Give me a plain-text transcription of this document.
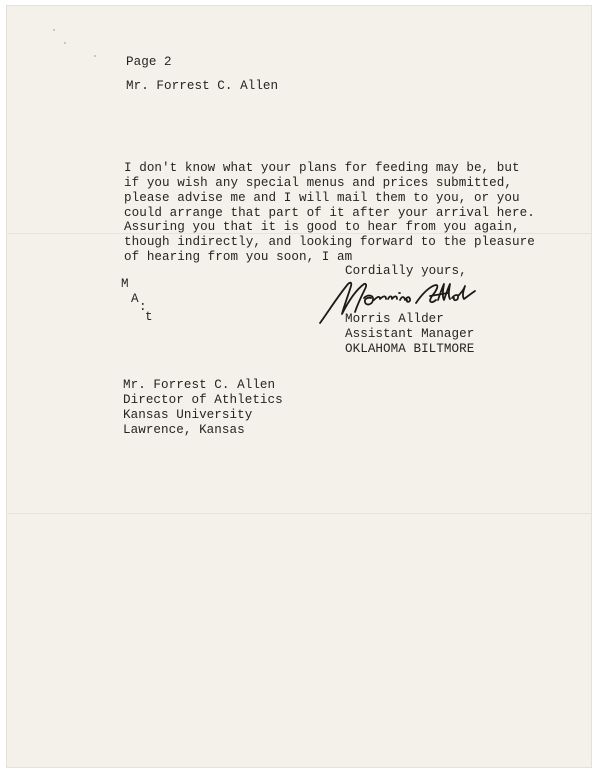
Page 2
Mr. Forrest C. Allen
I don't know what your plans for feeding may be, but
if you wish any special menus and prices submitted,
please advise me and I will mail them to you, or you
could arrange that part of it after your arrival here.
Assuring you that it is good to hear from you again,
though indirectly, and looking forward to the pleasure
of hearing from you soon, I am
Cordially yours,
Morris Allder
Assistant Manager
OKLAHOMA BILTMORE
M
A
:
t
Mr. Forrest C. Allen
Director of Athletics
Kansas University
Lawrence, Kansas
